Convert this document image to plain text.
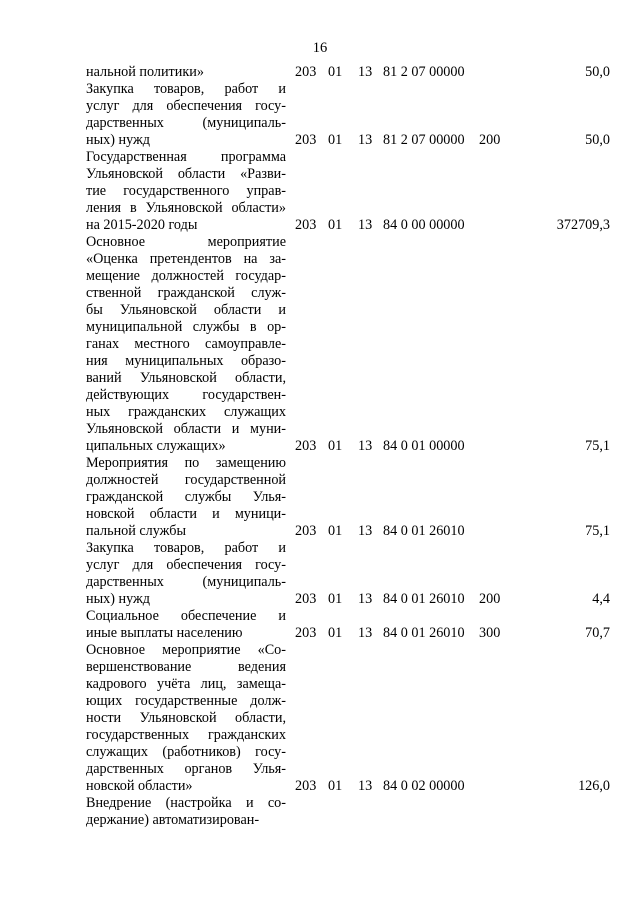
16
нальной политики»	203 01 13 81 2 07 00000	50,0
Закупка товаров, работ и
услуг для обеспечения госу-
дарственных (муниципаль-
ных) нужд	203 01 13 81 2 07 00000 200	50,0
Государственная программа
Ульяновской области «Разви-
тие государственного управ-
ления в Ульяновской области»
на 2015-2020 годы	203 01 13 84 0 00 00000	372709,3
Основное мероприятие
«Оценка претендентов на за-
мещение должностей государ-
ственной гражданской служ-
бы Ульяновской области и
муниципальной службы в ор-
ганах местного самоуправле-
ния муниципальных образо-
ваний Ульяновской области,
действующих государствен-
ных гражданских служащих
Ульяновской области и муни-
ципальных служащих»	203 01 13 84 0 01 00000	75,1
Мероприятия по замещению
должностей государственной
гражданской службы Улья-
новской области и муници-
пальной службы	203 01 13 84 0 01 26010	75,1
Закупка товаров, работ и
услуг для обеспечения госу-
дарственных (муниципаль-
ных) нужд	203 01 13 84 0 01 26010 200	4,4
Социальное обеспечение и
иные выплаты населению	203 01 13 84 0 01 26010 300	70,7
Основное мероприятие «Со-
вершенствование ведения
кадрового учёта лиц, замеща-
ющих государственные долж-
ности Ульяновской области,
государственных гражданских
служащих (работников) госу-
дарственных органов Улья-
новской области»	203 01 13 84 0 02 00000	126,0
Внедрение (настройка и со-
держание) автоматизирован-
